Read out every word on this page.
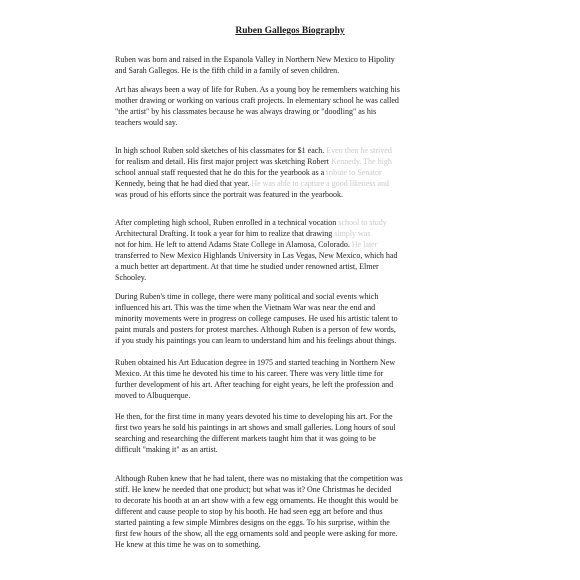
Ruben Gallegos Biography
Ruben was born and raised in the Espanola Valley in Northern New Mexico to Hipolity
and Sarah Gallegos. He is the fifth child in a family of seven children.
Art has always been a way of life for Ruben. As a young boy he remembers watching his
mother drawing or working on various craft projects. In elementary school he was called
"the artist" by his classmates because he was always drawing or "doodling" as his
teachers would say.
In high school Ruben sold sketches of his classmates for $1 each. Even then he strived
for realism and detail. His first major project was sketching Robert Kennedy. The high
school annual staff requested that he do this for the yearbook as a tribute to Senator
Kennedy, being that he had died that year. He was able to capture a good likeness and
was proud of his efforts since the portrait was featured in the yearbook.
After completing high school, Ruben enrolled in a technical vocation school to study
Architectural Drafting. It took a year for him to realize that drawing simply was
not for him. He left to attend Adams State College in Alamosa, Colorado. He later
transferred to New Mexico Highlands University in Las Vegas, New Mexico, which had
a much better art department. At that time he studied under renowned artist, Elmer
Schooley.
During Ruben's time in college, there were many political and social events which
influenced his art. This was the time when the Vietnam War was near the end and
minority movements were in progress on college campuses. He used his artistic talent to
paint murals and posters for protest marches. Although Ruben is a person of few words,
if you study his paintings you can learn to understand him and his feelings about things.
Ruben obtained his Art Education degree in 1975 and started teaching in Northern New
Mexico. At this time he devoted his time to his career. There was very little time for
further development of his art. After teaching for eight years, he left the profession and
moved to Albuquerque.
He then, for the first time in many years devoted his time to developing his art. For the
first two years he sold his paintings in art shows and small galleries. Long hours of soul
searching and researching the different markets taught him that it was going to be
difficult "making it" as an artist.
Although Ruben knew that he had talent, there was no mistaking that the competition was
stiff. He knew he needed that one product; but what was it? One Christmas he decided
to decorate his booth at an art show with a few egg ornaments. He thought this would be
different and cause people to stop by his booth. He had seen egg art before and thus
started painting a few simple Mimbres designs on the eggs. To his surprise, within the
first few hours of the show, all the egg ornaments sold and people were asking for more.
He knew at this time he was on to something.
